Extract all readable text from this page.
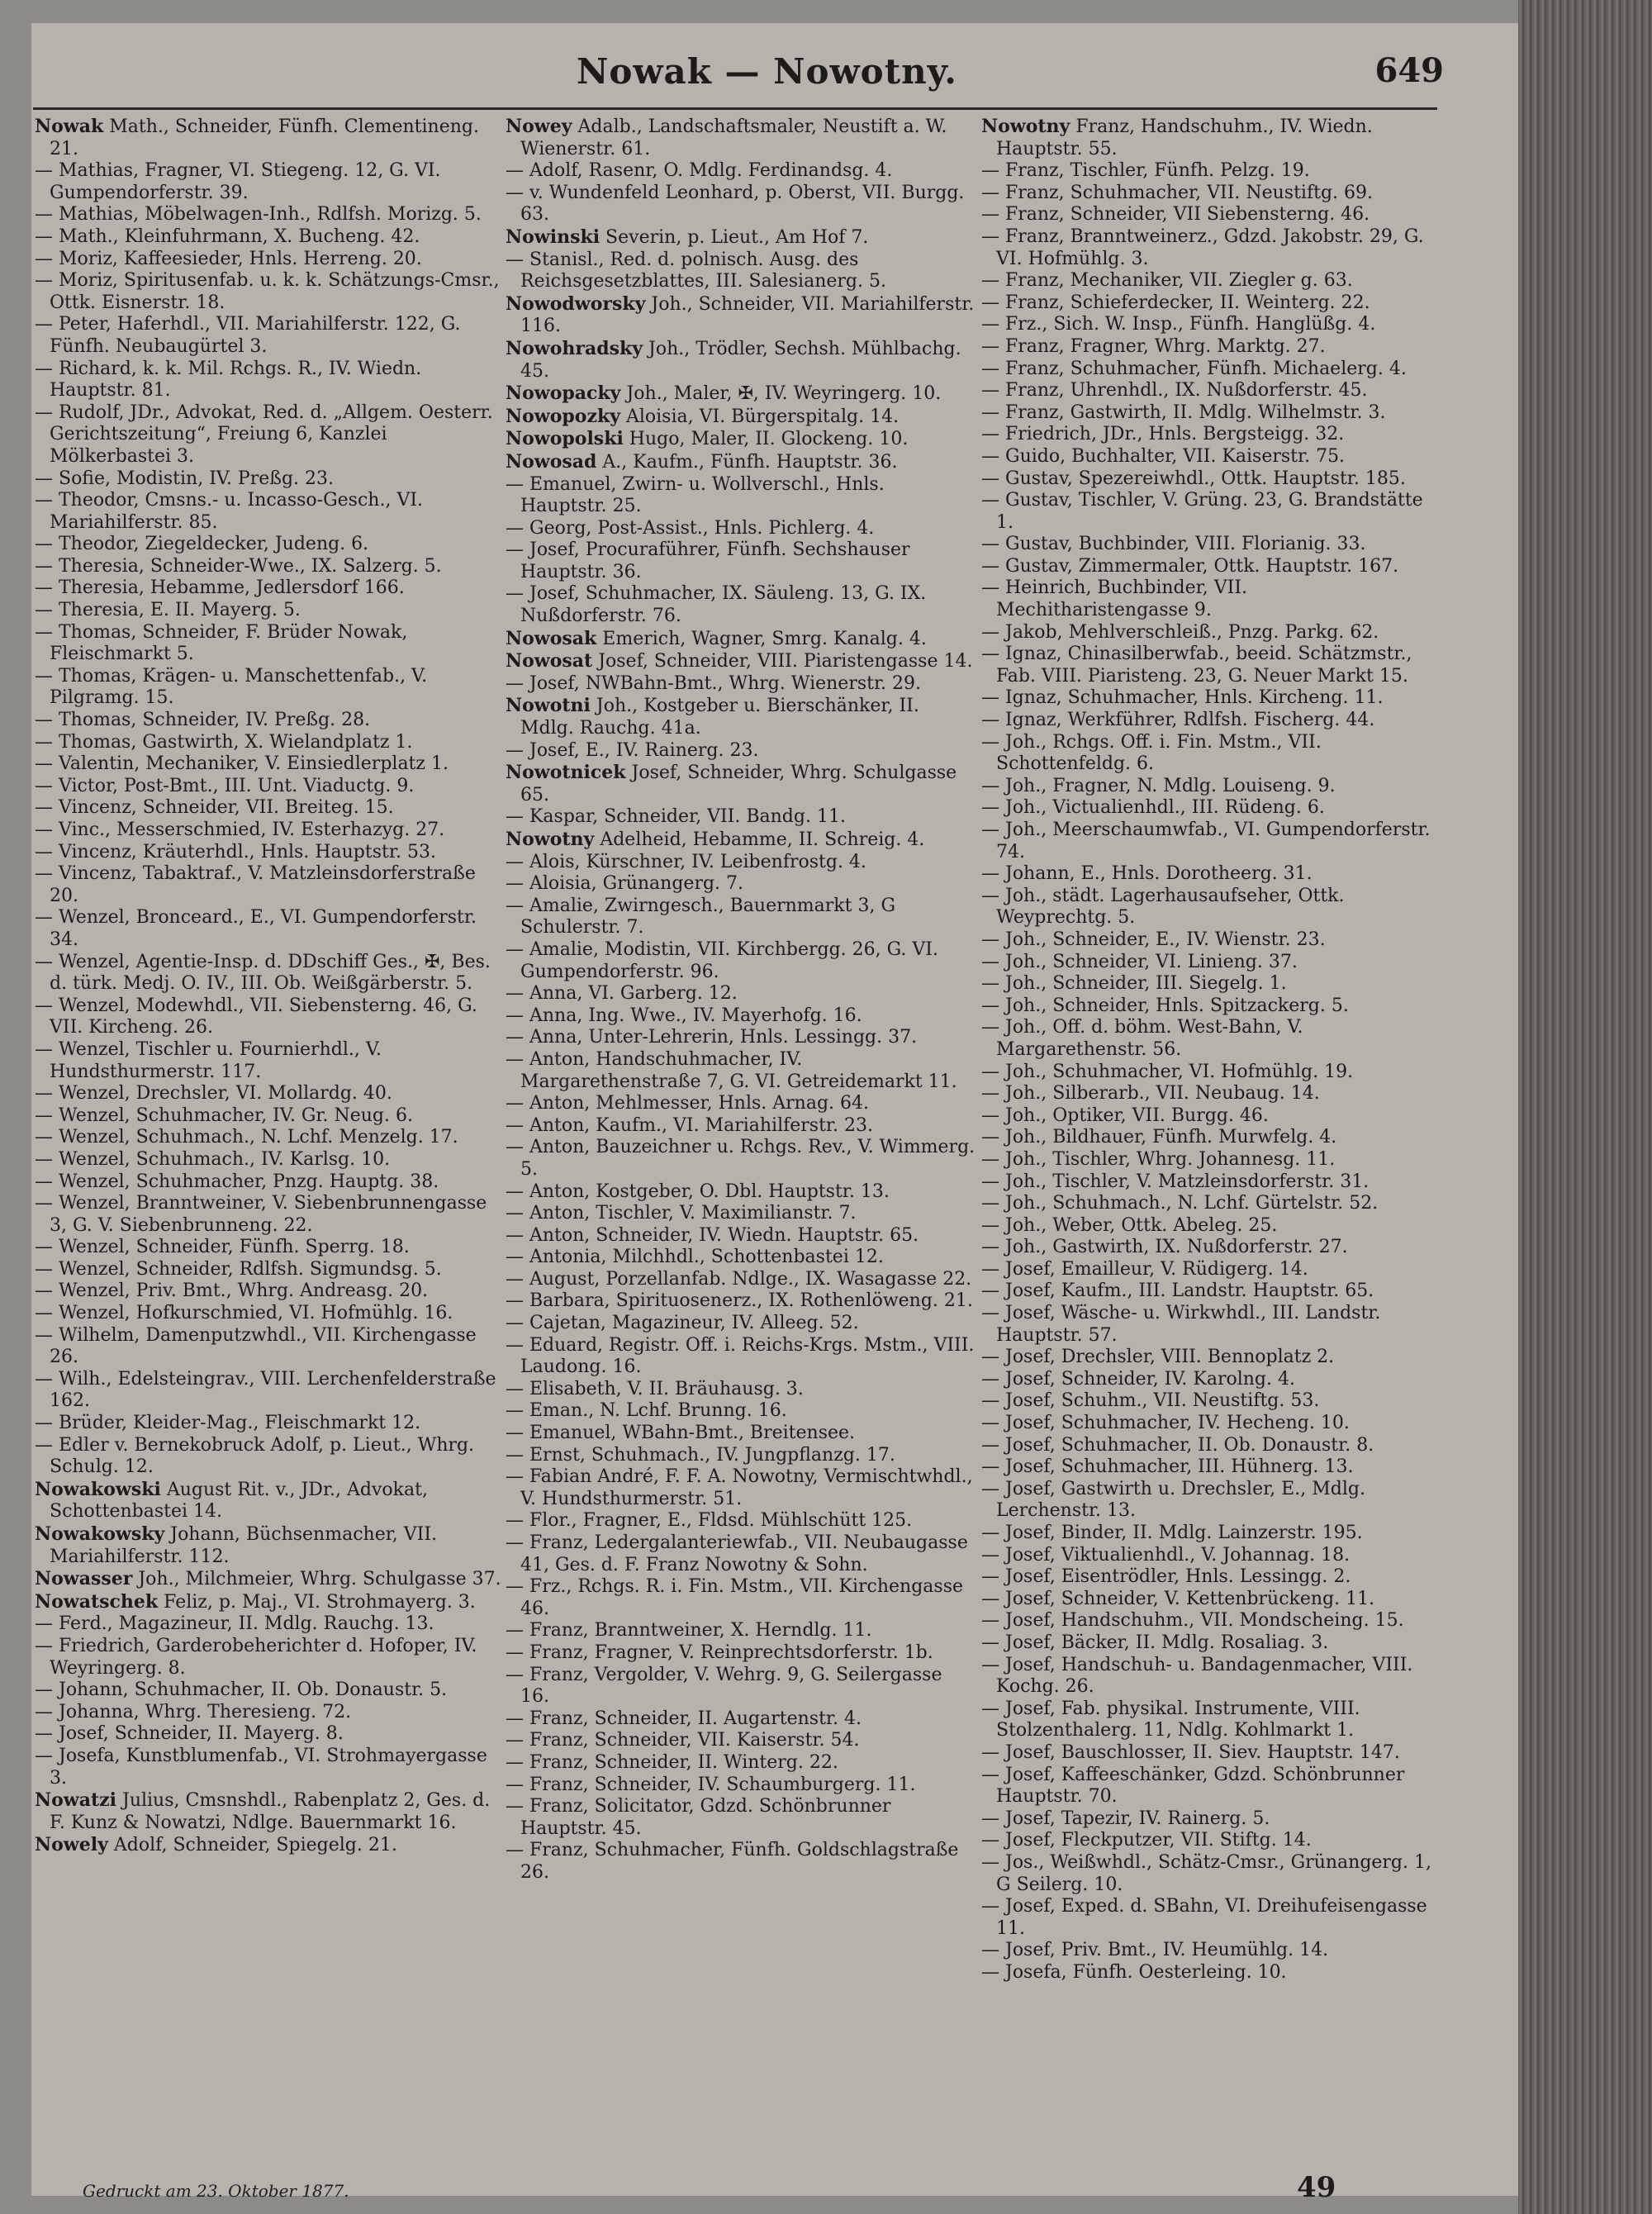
Nowak — Nowotny.	649

Nowak Math., Schneider, Fünfh. Clementineng. 21.

— Mathias, Fragner, VI. Stiegeng. 12, G. VI. Gumpendorferstr. 39.

— Mathias, Möbelwagen-Inh., Rdlfsh. Morizg. 5.

— Math., Kleinfuhrmann, X. Bucheng. 42.

— Moriz, Kaffeesieder, Hnls. Herreng. 20.

— Moriz, Spiritusenfab. u. k. k. Schätzungs-Cmsr., Ottk. Eisnerstr. 18.

— Peter, Haferhdl., VII. Mariahilferstr. 122, G. Fünfh. Neubaugürtel 3.

— Richard, k. k. Mil. Rchgs. R., IV. Wiedn. Hauptstr. 81.

— Rudolf, JDr., Advokat, Red. d. „Allgem. Oesterr. Gerichtszeitung“, Freiung 6, Kanzlei Mölkerbastei 3.

— Sofie, Modistin, IV. Preßg. 23.

— Theodor, Cmsns.- u. Incasso-Gesch., VI. Mariahilferstr. 85.

— Theodor, Ziegeldecker, Judeng. 6.

— Theresia, Schneider-Wwe., IX. Salzerg. 5.

— Theresia, Hebamme, Jedlersdorf 166.

— Theresia, E. II. Mayerg. 5.

— Thomas, Schneider, F. Brüder Nowak, Fleischmarkt 5.

— Thomas, Krägen- u. Manschettenfab., V. Pilgramg. 15.

— Thomas, Schneider, IV. Preßg. 28.

— Thomas, Gastwirth, X. Wielandplatz 1.

— Valentin, Mechaniker, V. Einsiedlerplatz 1.

— Victor, Post-Bmt., III. Unt. Viaductg. 9.

— Vincenz, Schneider, VII. Breiteg. 15.

— Vinc., Messerschmied, IV. Esterhazyg. 27.

— Vincenz, Kräuterhdl., Hnls. Hauptstr. 53.

— Vincenz, Tabaktraf., V. Matzleinsdorferstraße 20.

— Wenzel, Bronceard., E., VI. Gumpendorferstr. 34.

— Wenzel, Agentie-Insp. d. DDschiff Ges., ✠, Bes. d. türk. Medj. O. IV., III. Ob. Weißgärberstr. 5.

— Wenzel, Modewhdl., VII. Siebensterng. 46, G. VII. Kircheng. 26.

— Wenzel, Tischler u. Fournierhdl., V. Hundsthurmerstr. 117.

— Wenzel, Drechsler, VI. Mollardg. 40.

— Wenzel, Schuhmacher, IV. Gr. Neug. 6.

— Wenzel, Schuhmach., N. Lchf. Menzelg. 17.

— Wenzel, Schuhmach., IV. Karlsg. 10.

— Wenzel, Schuhmacher, Pnzg. Hauptg. 38.

— Wenzel, Branntweiner, V. Siebenbrunnengasse 3, G. V. Siebenbrunneng. 22.

— Wenzel, Schneider, Fünfh. Sperrg. 18.

— Wenzel, Schneider, Rdlfsh. Sigmundsg. 5.

— Wenzel, Priv. Bmt., Whrg. Andreasg. 20.

— Wenzel, Hofkurschmied, VI. Hofmühlg. 16.

— Wilhelm, Damenputzwhdl., VII. Kirchengasse 26.

— Wilh., Edelsteingrav., VIII. Lerchenfelderstraße 162.

— Brüder, Kleider-Mag., Fleischmarkt 12.

— Edler v. Bernekobruck Adolf, p. Lieut., Whrg. Schulg. 12.

Nowakowski August Rit. v., JDr., Advokat, Schottenbastei 14.

Nowakowsky Johann, Büchsenmacher, VII. Mariahilferstr. 112.

Nowasser Joh., Milchmeier, Whrg. Schulgasse 37.

Nowatschek Feliz, p. Maj., VI. Strohmayerg. 3.

— Ferd., Magazineur, II. Mdlg. Rauchg. 13.

— Friedrich, Garderobeherichter d. Hofoper, IV. Weyringerg. 8.

— Johann, Schuhmacher, II. Ob. Donaustr. 5.

— Johanna, Whrg. Theresieng. 72.

— Josef, Schneider, II. Mayerg. 8.

— Josefa, Kunstblumenfab., VI. Strohmayergasse 3.

Nowatzi Julius, Cmsnshdl., Rabenplatz 2, Ges. d. F. Kunz & Nowatzi, Ndlge. Bauernmarkt 16.

Nowely Adolf, Schneider, Spiegelg. 21.

Nowey Adalb., Landschaftsmaler, Neustift a. W. Wienerstr. 61.

— Adolf, Rasenr, O. Mdlg. Ferdinandsg. 4.

— v. Wundenfeld Leonhard, p. Oberst, VII. Burgg. 63.

Nowinski Severin, p. Lieut., Am Hof 7.

— Stanisl., Red. d. polnisch. Ausg. des Reichsgesetzblattes, III. Salesianerg. 5.

Nowodworsky Joh., Schneider, VII. Mariahilferstr. 116.

Nowohradsky Joh., Trödler, Sechsh. Mühlbachg. 45.

Nowopacky Joh., Maler, ✠, IV. Weyringerg. 10.

Nowopozky Aloisia, VI. Bürgerspitalg. 14.

Nowopolski Hugo, Maler, II. Glockeng. 10.

Nowosad A., Kaufm., Fünfh. Hauptstr. 36.

— Emanuel, Zwirn- u. Wollverschl., Hnls. Hauptstr. 25.

— Georg, Post-Assist., Hnls. Pichlerg. 4.

— Josef, Procuraführer, Fünfh. Sechshauser Hauptstr. 36.

— Josef, Schuhmacher, IX. Säuleng. 13, G. IX. Nußdorferstr. 76.

Nowosak Emerich, Wagner, Smrg. Kanalg. 4.

Nowosat Josef, Schneider, VIII. Piaristengasse 14.

— Josef, NWBahn-Bmt., Whrg. Wienerstr. 29.

Nowotni Joh., Kostgeber u. Bierschänker, II. Mdlg. Rauchg. 41a.

— Josef, E., IV. Rainerg. 23.

Nowotnicek Josef, Schneider, Whrg. Schulgasse 65.

— Kaspar, Schneider, VII. Bandg. 11.

Nowotny Adelheid, Hebamme, II. Schreig. 4.

— Alois, Kürschner, IV. Leibenfrostg. 4.

— Aloisia, Grünangerg. 7.

— Amalie, Zwirngesch., Bauernmarkt 3, G Schulerstr. 7.

— Amalie, Modistin, VII. Kirchbergg. 26, G. VI. Gumpendorferstr. 96.

— Anna, VI. Garberg. 12.

— Anna, Ing. Wwe., IV. Mayerhofg. 16.

— Anna, Unter-Lehrerin, Hnls. Lessingg. 37.

— Anton, Handschuhmacher, IV. Margarethenstraße 7, G. VI. Getreidemarkt 11.

— Anton, Mehlmesser, Hnls. Arnag. 64.

— Anton, Kaufm., VI. Mariahilferstr. 23.

— Anton, Bauzeichner u. Rchgs. Rev., V. Wimmerg. 5.

— Anton, Kostgeber, O. Dbl. Hauptstr. 13.

— Anton, Tischler, V. Maximilianstr. 7.

— Anton, Schneider, IV. Wiedn. Hauptstr. 65.

— Antonia, Milchhdl., Schottenbastei 12.

— August, Porzellanfab. Ndlge., IX. Wasagasse 22.

— Barbara, Spirituosenerz., IX. Rothenlöweng. 21.

— Cajetan, Magazineur, IV. Alleeg. 52.

— Eduard, Registr. Off. i. Reichs-Krgs. Mstm., VIII. Laudong. 16.

— Elisabeth, V. II. Bräuhausg. 3.

— Eman., N. Lchf. Brunng. 16.

— Emanuel, WBahn-Bmt., Breitensee.

— Ernst, Schuhmach., IV. Jungpflanzg. 17.

— Fabian André, F. F. A. Nowotny, Vermischtwhdl., V. Hundsthurmerstr. 51.

— Flor., Fragner, E., Fldsd. Mühlschütt 125.

— Franz, Ledergalanteriewfab., VII. Neubaugasse 41, Ges. d. F. Franz Nowotny & Sohn.

— Frz., Rchgs. R. i. Fin. Mstm., VII. Kirchengasse 46.

— Franz, Branntweiner, X. Herndlg. 11.

— Franz, Fragner, V. Reinprechtsdorferstr. 1b.

— Franz, Vergolder, V. Wehrg. 9, G. Seilergasse 16.

— Franz, Schneider, II. Augartenstr. 4.

— Franz, Schneider, VII. Kaiserstr. 54.

— Franz, Schneider, II. Winterg. 22.

— Franz, Schneider, IV. Schaumburgerg. 11.

— Franz, Solicitator, Gdzd. Schönbrunner Hauptstr. 45.

— Franz, Schuhmacher, Fünfh. Goldschlagstraße 26.

Nowotny Franz, Handschuhm., IV. Wiedn. Hauptstr. 55.

— Franz, Tischler, Fünfh. Pelzg. 19.

— Franz, Schuhmacher, VII. Neustiftg. 69.

— Franz, Schneider, VII Siebensterng. 46.

— Franz, Branntweinerz., Gdzd. Jakobstr. 29, G. VI. Hofmühlg. 3.

— Franz, Mechaniker, VII. Ziegler g. 63.

— Franz, Schieferdecker, II. Weinterg. 22.

— Frz., Sich. W. Insp., Fünfh. Hanglüßg. 4.

— Franz, Fragner, Whrg. Marktg. 27.

— Franz, Schuhmacher, Fünfh. Michaelerg. 4.

— Franz, Uhrenhdl., IX. Nußdorferstr. 45.

— Franz, Gastwirth, II. Mdlg. Wilhelmstr. 3.

— Friedrich, JDr., Hnls. Bergsteigg. 32.

— Guido, Buchhalter, VII. Kaiserstr. 75.

— Gustav, Spezereiwhdl., Ottk. Hauptstr. 185.

— Gustav, Tischler, V. Grüng. 23, G. Brandstätte 1.

— Gustav, Buchbinder, VIII. Florianig. 33.

— Gustav, Zimmermaler, Ottk. Hauptstr. 167.

— Heinrich, Buchbinder, VII. Mechitharistengasse 9.

— Jakob, Mehlverschleiß., Pnzg. Parkg. 62.

— Ignaz, Chinasilberwfab., beeid. Schätzmstr., Fab. VIII. Piaristeng. 23, G. Neuer Markt 15.

— Ignaz, Schuhmacher, Hnls. Kircheng. 11.

— Ignaz, Werkführer, Rdlfsh. Fischerg. 44.

— Joh., Rchgs. Off. i. Fin. Mstm., VII. Schottenfeldg. 6.

— Joh., Fragner, N. Mdlg. Louiseng. 9.

— Joh., Victualienhdl., III. Rüdeng. 6.

— Joh., Meerschaumwfab., VI. Gumpendorferstr. 74.

— Johann, E., Hnls. Dorotheerg. 31.

— Joh., städt. Lagerhausaufseher, Ottk. Weyprechtg. 5.

— Joh., Schneider, E., IV. Wienstr. 23.

— Joh., Schneider, VI. Linieng. 37.

— Joh., Schneider, III. Siegelg. 1.

— Joh., Schneider, Hnls. Spitzackerg. 5.

— Joh., Off. d. böhm. West-Bahn, V. Margarethenstr. 56.

— Joh., Schuhmacher, VI. Hofmühlg. 19.

— Joh., Silberarb., VII. Neubaug. 14.

— Joh., Optiker, VII. Burgg. 46.

— Joh., Bildhauer, Fünfh. Murwfelg. 4.

— Joh., Tischler, Whrg. Johannesg. 11.

— Joh., Tischler, V. Matzleinsdorferstr. 31.

— Joh., Schuhmach., N. Lchf. Gürtelstr. 52.

— Joh., Weber, Ottk. Abeleg. 25.

— Joh., Gastwirth, IX. Nußdorferstr. 27.

— Josef, Emailleur, V. Rüdigerg. 14.

— Josef, Kaufm., III. Landstr. Hauptstr. 65.

— Josef, Wäsche- u. Wirkwhdl., III. Landstr. Hauptstr. 57.

— Josef, Drechsler, VIII. Bennoplatz 2.

— Josef, Schneider, IV. Karolng. 4.

— Josef, Schuhm., VII. Neustiftg. 53.

— Josef, Schuhmacher, IV. Hecheng. 10.

— Josef, Schuhmacher, II. Ob. Donaustr. 8.

— Josef, Schuhmacher, III. Hühnerg. 13.

— Josef, Gastwirth u. Drechsler, E., Mdlg. Lerchenstr. 13.

— Josef, Binder, II. Mdlg. Lainzerstr. 195.

— Josef, Viktualienhdl., V. Johannag. 18.

— Josef, Eisentrödler, Hnls. Lessingg. 2.

— Josef, Schneider, V. Kettenbrückeng. 11.

— Josef, Handschuhm., VII. Mondscheing. 15.

— Josef, Bäcker, II. Mdlg. Rosaliag. 3.

— Josef, Handschuh- u. Bandagenmacher, VIII. Kochg. 26.

— Josef, Fab. physikal. Instrumente, VIII. Stolzenthalerg. 11, Ndlg. Kohlmarkt 1.

— Josef, Bauschlosser, II. Siev. Hauptstr. 147.

— Josef, Kaffeeschänker, Gdzd. Schönbrunner Hauptstr. 70.

— Josef, Tapezir, IV. Rainerg. 5.

— Josef, Fleckputzer, VII. Stiftg. 14.

— Jos., Weißwhdl., Schätz-Cmsr., Grünangerg. 1, G Seilerg. 10.

— Josef, Exped. d. SBahn, VI. Dreihufeisengasse 11.

— Josef, Priv. Bmt., IV. Heumühlg. 14.

— Josefa, Fünfh. Oesterleing. 10.

Gedruckt am 23. Oktober 1877.	49
